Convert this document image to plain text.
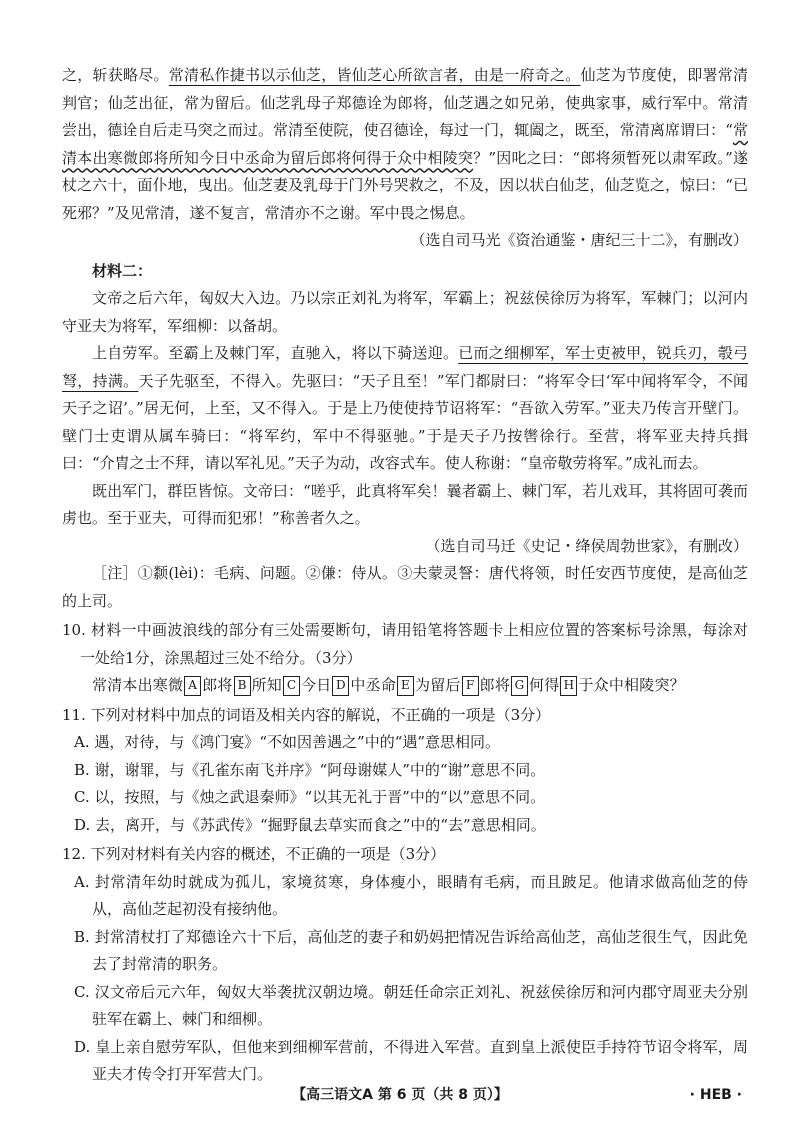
之，斩获略尽。常清私作捷书以示仙芝，皆仙芝心所欲言者，由是一府奇之。仙芝为节度使，即署常清判官；仙芝出征，常为留后。仙芝乳母子郑德诠为郎将，仙芝遇之如兄弟，使典家事，威行军中。常清尝出，德诠自后走马突之而过。常清至使院，使召德诠，每过一门，辄阖之，既至，常清离席谓曰：“常清本出寒微郎将所知今日中丞命为留后郎将何得于众中相陵突？”因叱之曰：“郎将须暂死以肃军政。”遂杖之六十，面仆地，曳出。仙芝妻及乳母于门外号哭救之，不及，因以状白仙芝，仙芝览之，惊曰：“已死邪？”及见常清，遂不复言，常清亦不之谢。军中畏之惕息。

（选自司马光《资治通鉴・唐纪三十二》，有删改）

材料二：

文帝之后六年，匈奴大入边。乃以宗正刘礼为将军，军霸上；祝兹侯徐厉为将军，军棘门；以河内守亚夫为将军，军细柳：以备胡。

上自劳军。至霸上及棘门军，直驰入，将以下骑送迎。已而之细柳军，军士吏被甲，锐兵刃，彀弓弩，持满。天子先驱至，不得入。先驱曰：“天子且至！”军门都尉曰：“将军令曰‘军中闻将军令，不闻天子之诏’。”居无何，上至，又不得入。于是上乃使使持节诏将军：“吾欲入劳军。”亚夫乃传言开壁门。壁门士吏谓从属车骑曰：“将军约，军中不得驱驰。”于是天子乃按辔徐行。至营，将军亚夫持兵揖曰：“介胄之士不拜，请以军礼见。”天子为动，改容式车。使人称谢：“皇帝敬劳将军。”成礼而去。

既出军门，群臣皆惊。文帝曰：“嗟乎，此真将军矣！曩者霸上、棘门军，若儿戏耳，其将固可袭而虏也。至于亚夫，可得而犯邪！”称善者久之。

（选自司马迁《史记・绛侯周勃世家》，有删改）

［注］①颣(lèi)：毛病、问题。②傔：侍从。③夫蒙灵詧：唐代将领，时任安西节度使，是高仙芝的上司。

10. 材料一中画波浪线的部分有三处需要断句，请用铅笔将答题卡上相应位置的答案标号涂黑，每涂对一处给1分，涂黑超过三处不给分。（3分）

常清本出寒微 A 郎将 B 所知 C 今日 D 中丞命 E 为留后 F 郎将 G 何得 H 于众中相陵突？

11. 下列对材料中加点的词语及相关内容的解说，不正确的一项是（3分）

A. 遇，对待，与《鸿门宴》“不如因善遇之”中的“遇”意思相同。

B. 谢，谢罪，与《孔雀东南飞并序》“阿母谢媒人”中的“谢”意思不同。

C. 以，按照，与《烛之武退秦师》“以其无礼于晋”中的“以”意思不同。

D. 去，离开，与《苏武传》“掘野鼠去草实而食之”中的“去”意思相同。

12. 下列对材料有关内容的概述，不正确的一项是（3分）

A. 封常清年幼时就成为孤儿，家境贫寒，身体瘦小，眼睛有毛病，而且跛足。他请求做高仙芝的侍从，高仙芝起初没有接纳他。

B. 封常清杖打了郑德诠六十下后，高仙芝的妻子和奶妈把情况告诉给高仙芝，高仙芝很生气，因此免去了封常清的职务。

C. 汉文帝后元六年，匈奴大举袭扰汉朝边境。朝廷任命宗正刘礼、祝兹侯徐厉和河内郡守周亚夫分别驻军在霸上、棘门和细柳。

D. 皇上亲自慰劳军队，但他来到细柳军营前，不得进入军营。直到皇上派使臣手持符节诏令将军，周亚夫才传令打开军营大门。

【高三语文A 第 6 页（共 8 页）】	· HEB ·
